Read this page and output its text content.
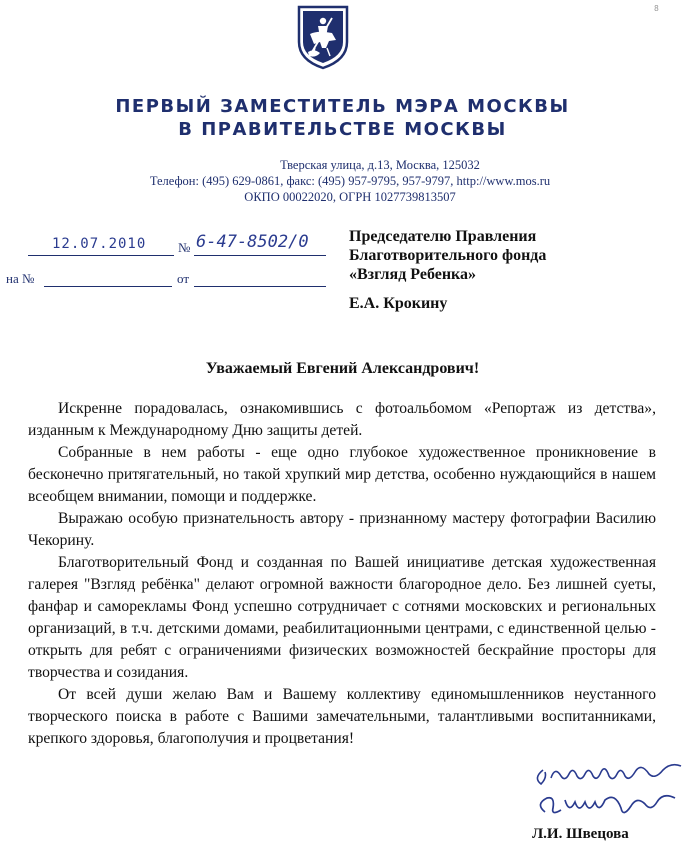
8
ПЕРВЫЙ ЗАМЕСТИТЕЛЬ МЭРА МОСКВЫ
В ПРАВИТЕЛЬСТВЕ МОСКВЫ
Тверская улица, д.13, Москва, 125032
Телефон: (495) 629-0861, факс: (495) 957-9795, 957-9797, http://www.mos.ru
ОКПО 00022020, ОГРН 1027739813507
12.07.2010 № 6-47-8502/0
на №	от
Председателю Правления
Благотворительного фонда
«Взгляд Ребенка»
Е.А. Крокину
Уважаемый Евгений Александрович!
Искренне порадовалась, ознакомившись с фотоальбомом «Репортаж из детства», изданным к Международному Дню защиты детей.
Собранные в нем работы - еще одно глубокое художественное проникновение в бесконечно притягательный, но такой хрупкий мир детства, особенно нуждающийся в нашем всеобщем внимании, помощи и поддержке.
Выражаю особую признательность автору - признанному мастеру фотографии Василию Чекорину.
Благотворительный Фонд и созданная по Вашей инициативе детская художественная галерея "Взгляд ребёнка" делают огромной важности благородное дело. Без лишней суеты, фанфар и саморекламы Фонд успешно сотрудничает с сотнями московских и региональных организаций, в т.ч. детскими домами, реабилитационными центрами, с единственной целью - открыть для ребят с ограничениями физических возможностей бескрайние просторы для творчества и созидания.
От всей души желаю Вам и Вашему коллективу единомышленников неустанного творческого поиска в работе с Вашими замечательными, талантливыми воспитанниками, крепкого здоровья, благополучия и процветания!
Л.И. Швецова
